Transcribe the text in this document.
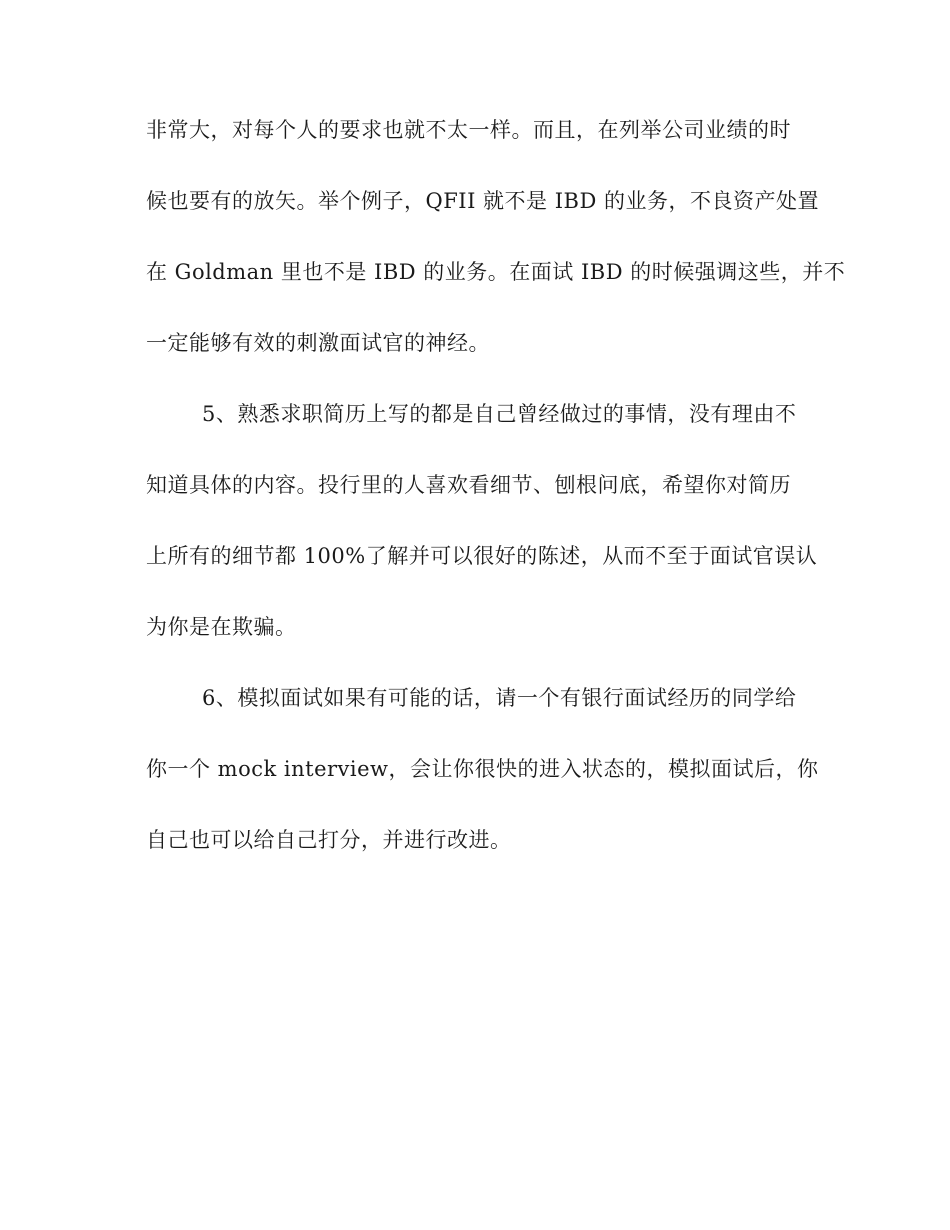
非常大，对每个人的要求也就不太一样。而且，在列举公司业绩的时
候也要有的放矢。举个例子，QFII 就不是 IBD 的业务，不良资产处置
在 Goldman 里也不是 IBD 的业务。在面试 IBD 的时候强调这些，并不
一定能够有效的刺激面试官的神经。
5、熟悉求职简历上写的都是自己曾经做过的事情，没有理由不
知道具体的内容。投行里的人喜欢看细节、刨根问底，希望你对简历
上所有的细节都 100%了解并可以很好的陈述，从而不至于面试官误认
为你是在欺骗。
6、模拟面试如果有可能的话，请一个有银行面试经历的同学给
你一个 mock interview，会让你很快的进入状态的，模拟面试后，你
自己也可以给自己打分，并进行改进。
